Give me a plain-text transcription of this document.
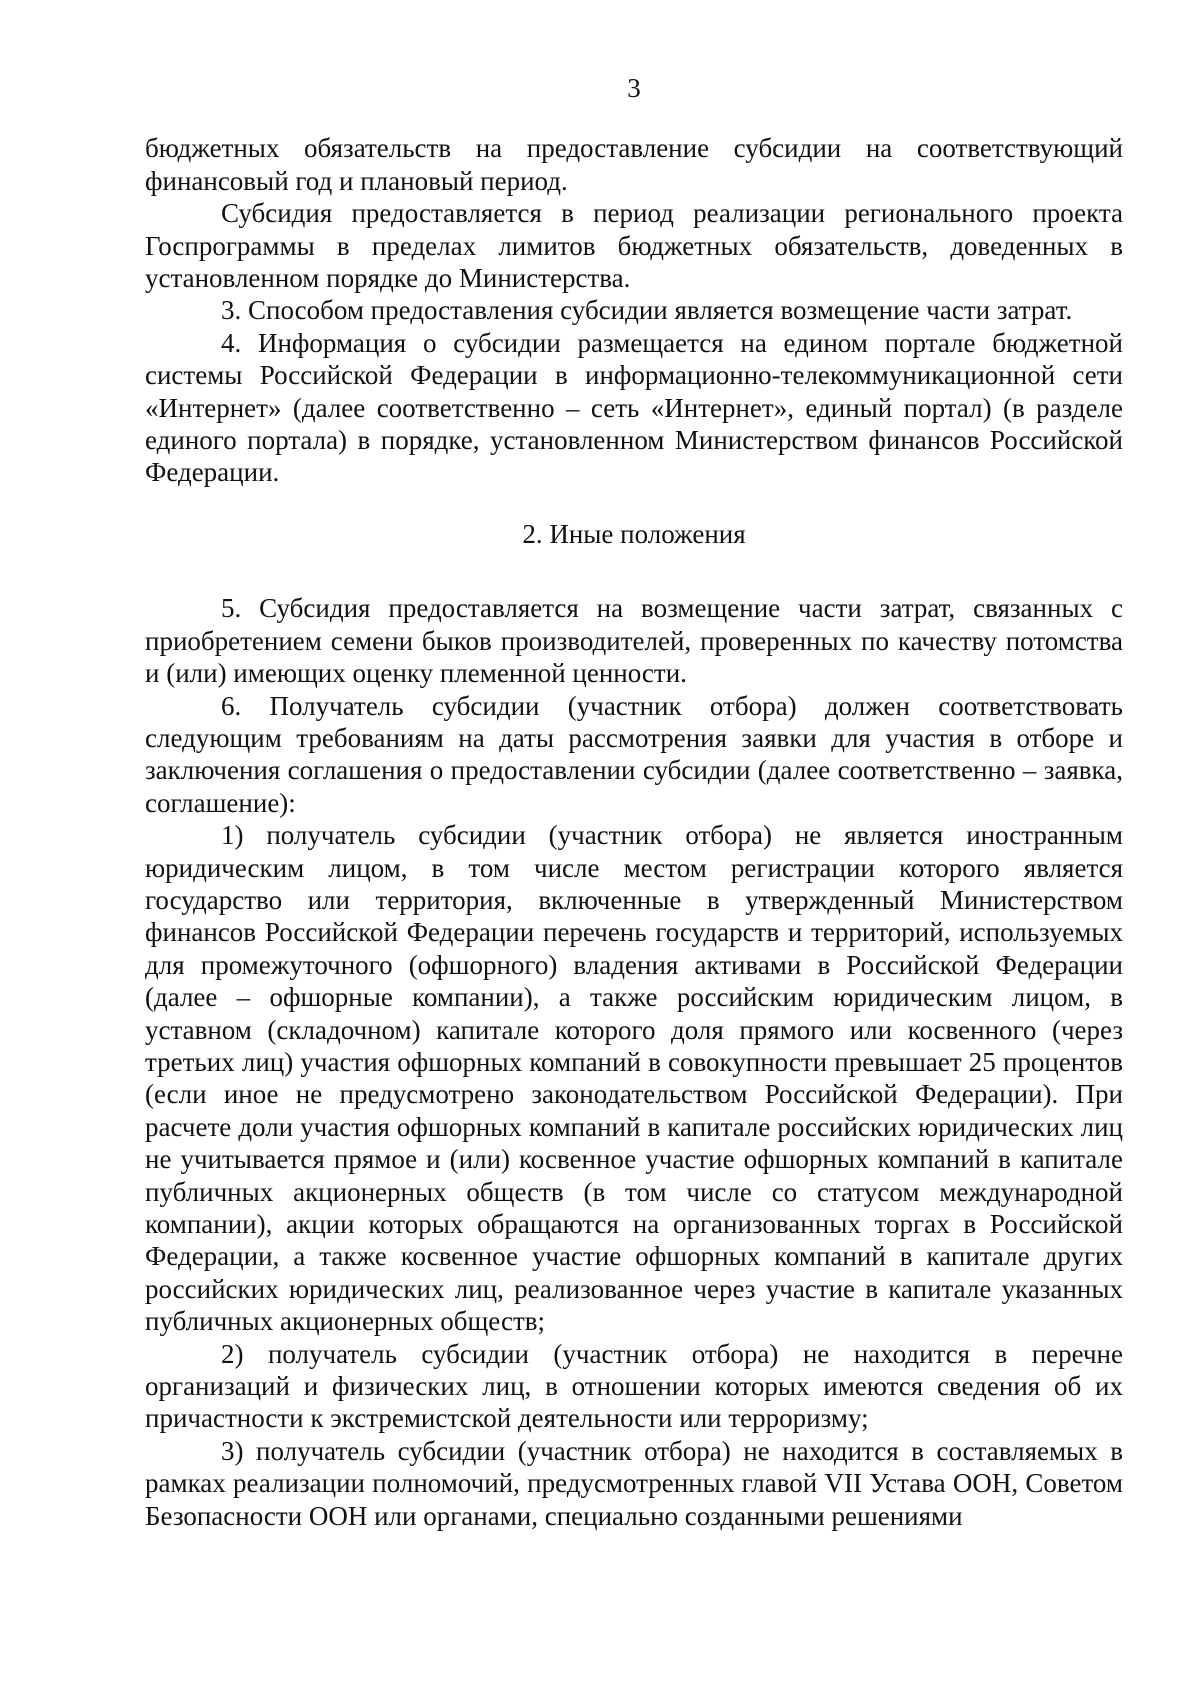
3

бюджетных обязательств на предоставление субсидии на соответствующий финансовый год и плановый период.

Субсидия предоставляется в период реализации регионального проекта Госпрограммы в пределах лимитов бюджетных обязательств, доведенных в установленном порядке до Министерства.

3. Способом предоставления субсидии является возмещение части затрат.

4. Информация о субсидии размещается на едином портале бюджетной системы Российской Федерации в информационно-телекоммуникационной сети «Интернет» (далее соответственно – сеть «Интернет», единый портал) (в разделе единого портала) в порядке, установленном Министерством финансов Российской Федерации.

2. Иные положения

5. Субсидия предоставляется на возмещение части затрат, связанных с приобретением семени быков производителей, проверенных по качеству потомства и (или) имеющих оценку племенной ценности.

6. Получатель субсидии (участник отбора) должен соответствовать следующим требованиям на даты рассмотрения заявки для участия в отборе и заключения соглашения о предоставлении субсидии (далее соответственно – заявка, соглашение):

1) получатель субсидии (участник отбора) не является иностранным юридическим лицом, в том числе местом регистрации которого является государство или территория, включенные в утвержденный Министерством финансов Российской Федерации перечень государств и территорий, используемых для промежуточного (офшорного) владения активами в Российской Федерации (далее – офшорные компании), а также российским юридическим лицом, в уставном (складочном) капитале которого доля прямого или косвенного (через третьих лиц) участия офшорных компаний в совокупности превышает 25 процентов (если иное не предусмотрено законодательством Российской Федерации). При расчете доли участия офшорных компаний в капитале российских юридических лиц не учитывается прямое и (или) косвенное участие офшорных компаний в капитале публичных акционерных обществ (в том числе со статусом международной компании), акции которых обращаются на организованных торгах в Российской Федерации, а также косвенное участие офшорных компаний в капитале других российских юридических лиц, реализованное через участие в капитале указанных публичных акционерных обществ;

2) получатель субсидии (участник отбора) не находится в перечне организаций и физических лиц, в отношении которых имеются сведения об их причастности к экстремистской деятельности или терроризму;

3) получатель субсидии (участник отбора) не находится в составляемых в рамках реализации полномочий, предусмотренных главой VII Устава ООН, Советом Безопасности ООН или органами, специально созданными решениями
